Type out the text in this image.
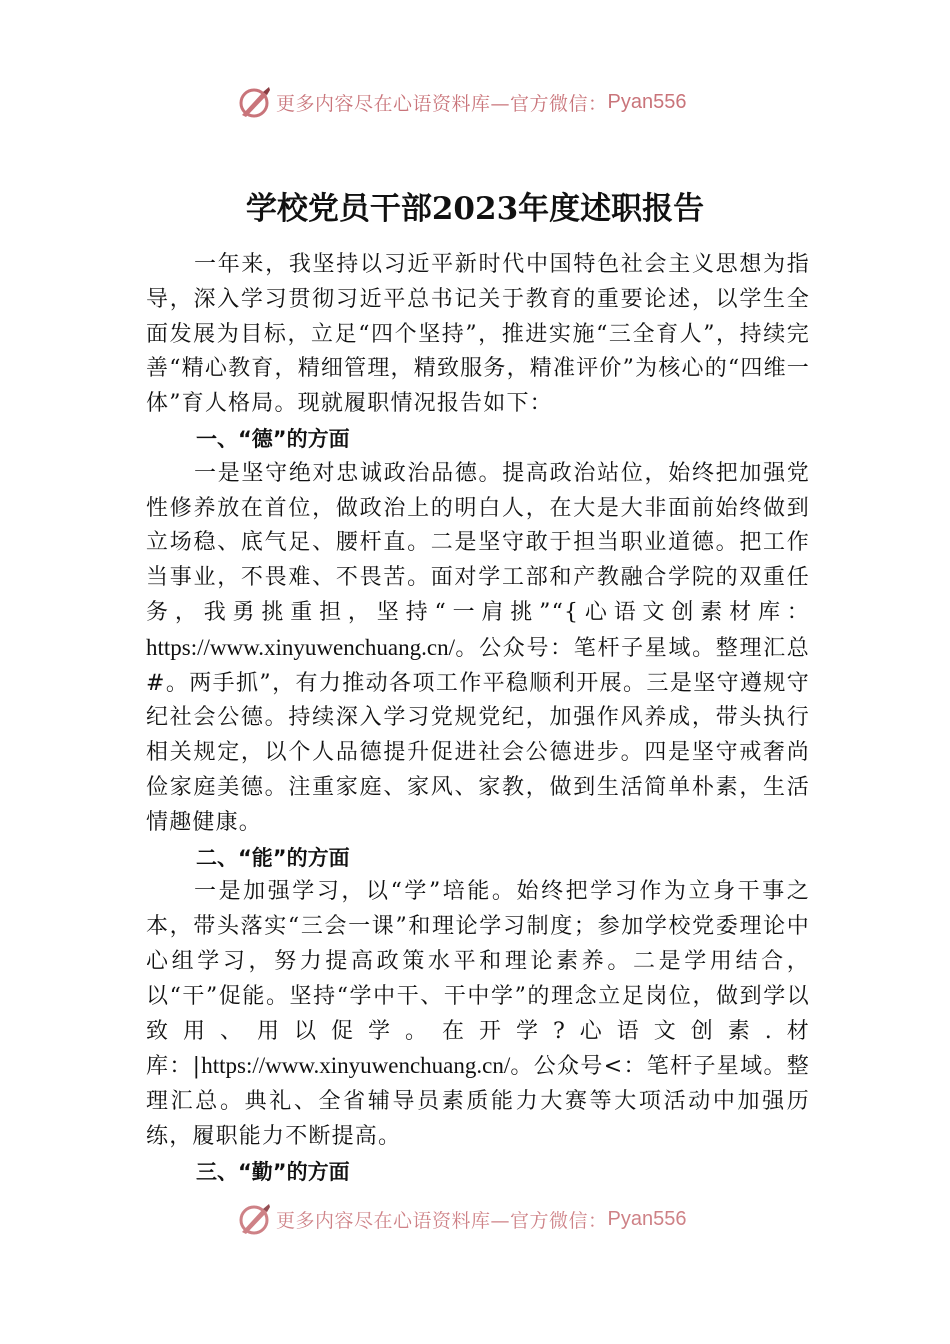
更多内容尽在心语资料库—官方微信： Pyan556
学校党员干部2023年度述职报告

一年来，我坚持以习近平新时代中国特色社会主义思想为指导，深入学习贯彻习近平总书记关于教育的重要论述，以学生全面发展为目标，立足“四个坚持”，推进实施“三全育人”，持续完善“精心教育，精细管理，精致服务，精准评价”为核心的“四维一体”育人格局。现就履职情况报告如下：

一、“德”的方面

一是坚守绝对忠诚政治品德。提高政治站位，始终把加强党性修养放在首位，做政治上的明白人，在大是大非面前始终做到立场稳、底气足、腰杆直。二是坚守敢于担当职业道德。把工作当事业，不畏难、不畏苦。面对学工部和产教融合学院的双重任务，我勇挑重担，坚持“一肩挑”“{心语文创素材库：https://www.xinyuwenchuang.cn/。公众号：笔杆子星域。整理汇总#。两手抓”，有力推动各项工作平稳顺利开展。三是坚守遵规守纪社会公德。持续深入学习党规党纪，加强作风养成，带头执行相关规定，以个人品德提升促进社会公德进步。四是坚守戒奢尚俭家庭美德。注重家庭、家风、家教，做到生活简单朴素，生活情趣健康。

二、“能”的方面

一是加强学习，以“学”培能。始终把学习作为立身干事之本，带头落实“三会一课”和理论学习制度；参加学校党委理论中心组学习，努力提高政策水平和理论素养。二是学用结合，以“干”促能。坚持“学中干、干中学”的理念立足岗位，做到学以致用、用以促学。在开学?心语文创素.材库：|https://www.xinyuwenchuang.cn/。公众号<：笔杆子星域。整理汇总。典礼、全省辅导员素质能力大赛等大项活动中加强历练，履职能力不断提高。

三、“勤”的方面

更多内容尽在心语资料库—官方微信： Pyan556
